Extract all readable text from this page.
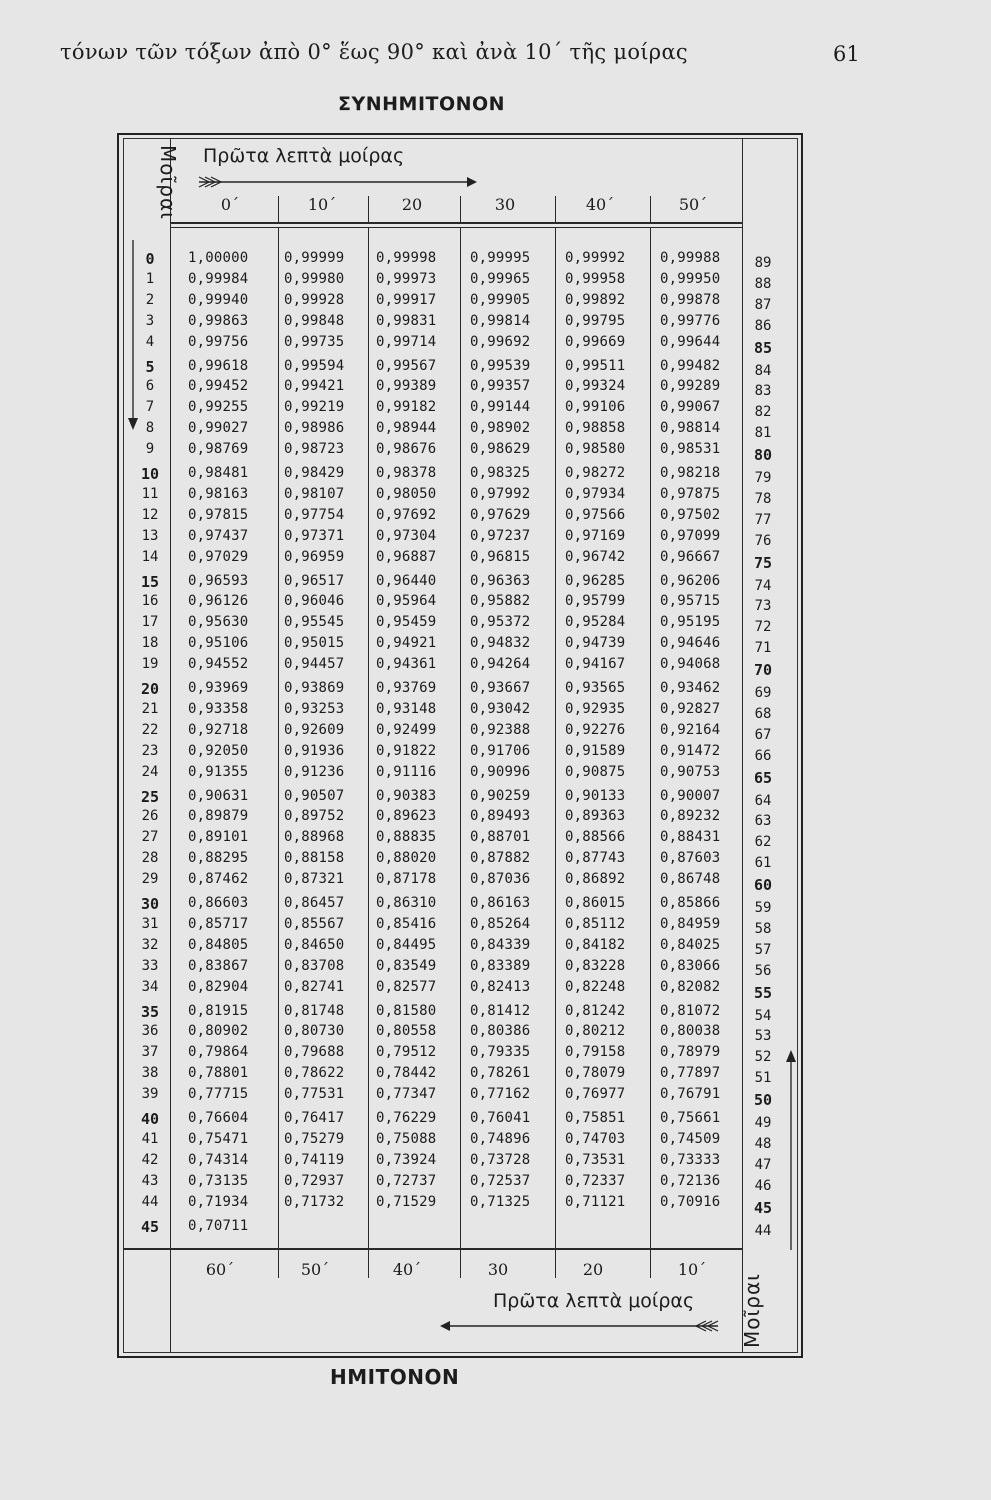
τόνων τῶν τόξων ἀπὸ 0° ἕως 90° καὶ ἀνὰ 10΄ τῆς μοίρας	61
ΣΥΝΗΜΙΤΟΝΟΝ
Μοῖραι
Μοῖραι
Πρῶτα λεπτὰ μοίρας
Πρῶτα λεπτὰ μοίρας
0΄	10΄	20	30	40΄	50΄
60΄	50΄	40΄	30	20	10΄
0	1,00000	0,99999 0,99998 0,99995 0,99992 0,99988	89
1	0,99984	0,99980 0,99973 0,99965 0,99958 0,99950	88
2	0,99940	0,99928 0,99917 0,99905 0,99892 0,99878	87
3	0,99863	0,99848 0,99831 0,99814 0,99795 0,99776	86
4	0,99756	0,99735 0,99714 0,99692 0,99669 0,99644	85
5	0,99618	0,99594 0,99567 0,99539 0,99511 0,99482	84
6	0,99452	0,99421 0,99389 0,99357 0,99324 0,99289	83
7	0,99255	0,99219 0,99182 0,99144 0,99106 0,99067	82
8	0,99027	0,98986 0,98944 0,98902 0,98858 0,98814	81
9	0,98769	0,98723 0,98676 0,98629 0,98580 0,98531	80
10	0,98481	0,98429 0,98378 0,98325 0,98272 0,98218	79
11	0,98163	0,98107 0,98050 0,97992 0,97934 0,97875	78
12	0,97815	0,97754 0,97692 0,97629 0,97566 0,97502	77
13	0,97437	0,97371 0,97304 0,97237 0,97169 0,97099	76
14	0,97029	0,96959 0,96887 0,96815 0,96742 0,96667	75
15	0,96593	0,96517 0,96440 0,96363 0,96285 0,96206	74
16	0,96126	0,96046 0,95964 0,95882 0,95799 0,95715	73
17	0,95630	0,95545 0,95459 0,95372 0,95284 0,95195	72
18	0,95106	0,95015 0,94921 0,94832 0,94739 0,94646	71
19	0,94552	0,94457 0,94361 0,94264 0,94167 0,94068	70
20	0,93969	0,93869 0,93769 0,93667 0,93565 0,93462	69
21	0,93358	0,93253 0,93148 0,93042 0,92935 0,92827	68
22	0,92718	0,92609 0,92499 0,92388 0,92276 0,92164	67
23	0,92050	0,91936 0,91822 0,91706 0,91589 0,91472	66
24	0,91355	0,91236 0,91116 0,90996 0,90875 0,90753	65
25	0,90631	0,90507 0,90383 0,90259 0,90133 0,90007	64
26	0,89879	0,89752 0,89623 0,89493 0,89363 0,89232	63
27	0,89101	0,88968 0,88835 0,88701 0,88566 0,88431	62
28	0,88295	0,88158 0,88020 0,87882 0,87743 0,87603	61
29	0,87462	0,87321 0,87178 0,87036 0,86892 0,86748	60
30	0,86603	0,86457 0,86310 0,86163 0,86015 0,85866	59
31	0,85717	0,85567 0,85416 0,85264 0,85112 0,84959	58
32	0,84805	0,84650 0,84495 0,84339 0,84182 0,84025	57
33	0,83867	0,83708 0,83549 0,83389 0,83228 0,83066	56
34	0,82904	0,82741 0,82577 0,82413 0,82248 0,82082	55
35	0,81915	0,81748 0,81580 0,81412 0,81242 0,81072	54
36	0,80902	0,80730 0,80558 0,80386 0,80212 0,80038	53
37	0,79864	0,79688 0,79512 0,79335 0,79158 0,78979	52
38	0,78801	0,78622 0,78442 0,78261 0,78079 0,77897	51
39	0,77715	0,77531 0,77347 0,77162 0,76977 0,76791	50
40	0,76604	0,76417 0,76229 0,76041 0,75851 0,75661	49
41	0,75471	0,75279 0,75088 0,74896 0,74703 0,74509	48
42	0,74314	0,74119 0,73924 0,73728 0,73531 0,73333	47
43	0,73135	0,72937 0,72737 0,72537 0,72337 0,72136	46
44	0,71934	0,71732 0,71529 0,71325 0,71121 0,70916	45
45	0,70711	44
ΗΜΙΤΟΝΟΝ
